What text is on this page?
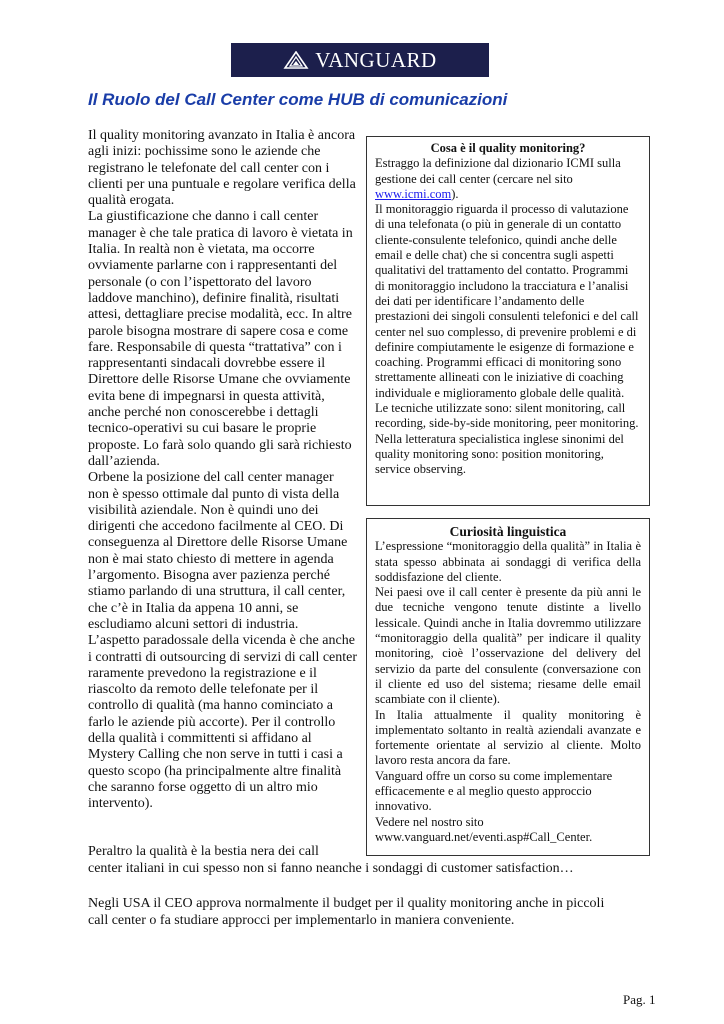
VANGUARD
Il Ruolo del Call Center come HUB di comunicazioni

Il quality monitoring avanzato in Italia è ancora agli inizi: pochissime sono le aziende che registrano le telefonate del call center con i clienti per una puntuale e regolare verifica della qualità erogata.

La giustificazione che danno i call center manager è che tale pratica di lavoro è vietata in Italia. In realtà non è vietata, ma occorre ovviamente parlarne con i rappresentanti del personale (o con l’ispettorato del lavoro laddove manchino), definire finalità, risultati attesi, dettagliare precise modalità, ecc. In altre parole bisogna mostrare di sapere cosa e come fare. Responsabile di questa “trattativa” con i rappresentanti sindacali dovrebbe essere il Direttore delle Risorse Umane che ovviamente evita bene di impegnarsi in questa attività, anche perché non conoscerebbe i dettagli tecnico-operativi su cui basare le proprie proposte. Lo farà solo quando gli sarà richiesto dall’azienda.

Orbene la posizione del call center manager non è spesso ottimale dal punto di vista della visibilità aziendale. Non è quindi uno dei dirigenti che accedono facilmente al CEO. Di conseguenza al Direttore delle Risorse Umane non è mai stato chiesto di mettere in agenda l’argomento. Bisogna aver pazienza perché stiamo parlando di una struttura, il call center, che c’è in Italia da appena 10 anni, se escludiamo alcuni settori di industria.

L’aspetto paradossale della vicenda è che anche i contratti di outsourcing di servizi di call center raramente prevedono la registrazione e il riascolto da remoto delle telefonate per il controllo di qualità (ma hanno cominciato a farlo le aziende più accorte). Per il controllo della qualità i committenti si affidano al Mystery Calling che non serve in tutti i casi a questo scopo (ha principalmente altre finalità che saranno forse oggetto di un altro mio intervento).

Peraltro la qualità è la bestia nera dei call

center italiani in cui spesso non si fanno neanche i sondaggi di customer satisfaction…

Cosa è il quality monitoring?

Estraggo la definizione dal dizionario ICMI sulla gestione dei call center (cercare nel sito www.icmi.com).

Il monitoraggio riguarda il processo di valutazione di una telefonata (o più in generale di un contatto cliente-consulente telefonico, quindi anche delle email e delle chat) che si concentra sugli aspetti qualitativi del trattamento del contatto. Programmi di monitoraggio includono la tracciatura e l’analisi dei dati per identificare l’andamento delle prestazioni dei singoli consulenti telefonici e del call center nel suo complesso, di prevenire problemi e di definire compiutamente le esigenze di formazione e coaching. Programmi efficaci di monitoring sono strettamente allineati con le iniziative di coaching individuale e miglioramento globale delle qualità.

Le tecniche utilizzate sono: silent monitoring, call recording, side-by-side monitoring, peer monitoring. Nella letteratura specialistica inglese sinonimi del quality monitoring sono: position monitoring, service observing.

Curiosità linguistica

L’espressione “monitoraggio della qualità” in Italia è stata spesso abbinata ai sondaggi di verifica della soddisfazione del cliente.

Nei paesi ove il call center è presente da più anni le due tecniche vengono tenute distinte a livello lessicale. Quindi anche in Italia dovremmo utilizzare “monitoraggio della qualità” per indicare il quality monitoring, cioè l’osservazione del delivery del servizio da parte del consulente (conversazione con il cliente ed uso del sistema; riesame delle email scambiate con il cliente).

In Italia attualmente il quality monitoring è implementato soltanto in realtà aziendali avanzate e fortemente orientate al servizio al cliente. Molto lavoro resta ancora da fare.

Vanguard offre un corso su come implementare efficacemente e al meglio questo approccio innovativo.

Vedere nel nostro sito

www.vanguard.net/eventi.asp#Call_Center.

Negli USA il CEO approva normalmente il budget per il quality monitoring anche in piccoli

call center o fa studiare approcci per implementarlo in maniera conveniente.

Pag. 1
